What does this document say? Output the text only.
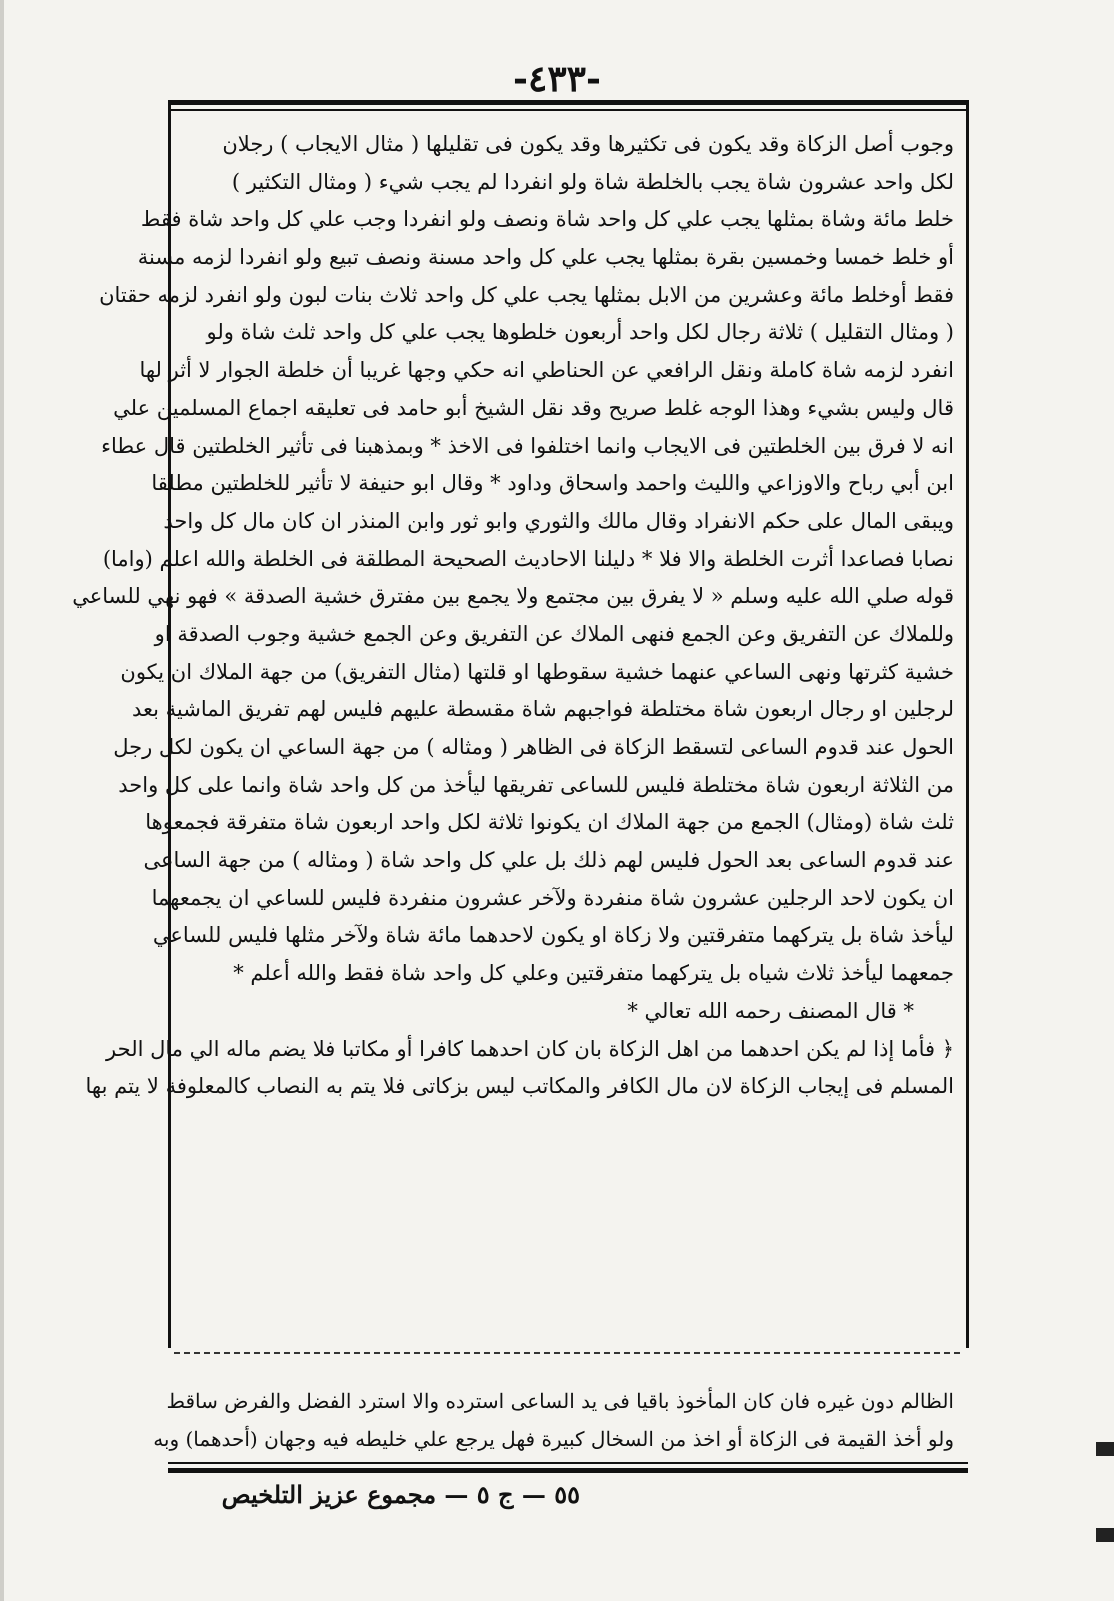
-٤٣٣-
وجوب أصل الزكاة وقد يكون فى تكثيرها وقد يكون فى تقليلها ( مثال الايجاب ) رجلان
لكل واحد عشرون شاة يجب بالخلطة شاة ولو انفردا لم يجب شيء ( ومثال التكثير )
خلط مائة وشاة بمثلها يجب علي كل واحد شاة ونصف ولو انفردا وجب علي كل واحد شاة فقط
أو خلط خمسا وخمسين بقرة بمثلها يجب علي كل واحد مسنة ونصف تبيع ولو انفردا لزمه مسنة
فقط أوخلط مائة وعشرين من الابل بمثلها يجب علي كل واحد ثلاث بنات لبون ولو انفرد لزمه حقتان
( ومثال التقليل ) ثلاثة رجال لكل واحد أربعون خلطوها يجب علي كل واحد ثلث شاة ولو
انفرد لزمه شاة كاملة ونقل الرافعي عن الحناطي انه حكي وجها غريبا أن خلطة الجوار لا أثر لها
قال وليس بشيء وهذا الوجه غلط صريح وقد نقل الشيخ أبو حامد فى تعليقه اجماع المسلمين علي
انه لا فرق بين الخلطتين فى الايجاب وانما اختلفوا فى الاخذ * وبمذهبنا فى تأثير الخلطتين قال عطاء
ابن أبي رباح والاوزاعي والليث واحمد واسحاق وداود * وقال ابو حنيفة لا تأثير للخلطتين مطلقا
ويبقى المال على حكم الانفراد وقال مالك والثوري وابو ثور وابن المنذر ان كان مال كل واحد
نصابا فصاعدا أثرت الخلطة والا فلا * دليلنا الاحاديث الصحيحة المطلقة فى الخلطة والله اعلم (واما)
قوله صلي الله عليه وسلم « لا يفرق بين مجتمع ولا يجمع بين مفترق خشية الصدقة » فهو نهي للساعي
وللملاك عن التفريق وعن الجمع فنهى الملاك عن التفريق وعن الجمع خشية وجوب الصدقة او
خشية كثرتها ونهى الساعي عنهما خشية سقوطها او قلتها (مثال التفريق) من جهة الملاك ان يكون
لرجلين او رجال اربعون شاة مختلطة فواجبهم شاة مقسطة عليهم فليس لهم تفريق الماشية بعد
الحول عند قدوم الساعى لتسقط الزكاة فى الظاهر ( ومثاله ) من جهة الساعي ان يكون لكل رجل
من الثلاثة اربعون شاة مختلطة فليس للساعى تفريقها ليأخذ من كل واحد شاة وانما على كل واحد
ثلث شاة (ومثال) الجمع من جهة الملاك ان يكونوا ثلاثة لكل واحد اربعون شاة متفرقة فجمعوها
عند قدوم الساعى بعد الحول فليس لهم ذلك بل علي كل واحد شاة ( ومثاله ) من جهة الساعى
ان يكون لاحد الرجلين عشرون شاة منفردة ولآخر عشرون منفردة فليس للساعي ان يجمعهما
ليأخذ شاة بل يتركهما متفرقتين ولا زكاة او يكون لاحدهما مائة شاة ولآخر مثلها فليس للساعي
جمعهما ليأخذ ثلاث شياه بل يتركهما متفرقتين وعلي كل واحد شاة فقط والله أعلم *
* قال المصنف رحمه الله تعالي *
﴿ فأما إذا لم يكن احدهما من اهل الزكاة بان كان احدهما كافرا أو مكاتبا فلا يضم ماله الي مال الحر
المسلم فى إيجاب الزكاة لان مال الكافر والمكاتب ليس بزكاتى فلا يتم به النصاب كالمعلوفة لا يتم بها
الظالم دون غيره فان كان المأخوذ باقيا فى يد الساعى استرده والا استرد الفضل والفرض ساقط
ولو أخذ القيمة فى الزكاة أو اخذ من السخال كبيرة فهل يرجع علي خليطه فيه وجهان (أحدهما) وبه
٥٥ — ج ٥ — مجموع عزيز التلخيص
